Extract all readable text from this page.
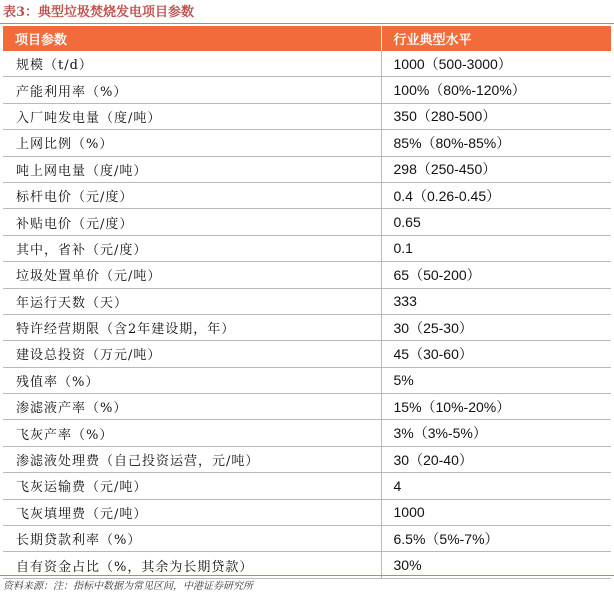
表3：典型垃圾焚烧发电项目参数
项目参数	行业典型水平
规模（t/d）	1000（500-3000）
产能利用率（%）	100%（80%-120%）
入厂吨发电量（度/吨）	350（280-500）
上网比例（%）	85%（80%-85%）
吨上网电量（度/吨）	298（250-450）
标杆电价（元/度）	0.4（0.26-0.45）
补贴电价（元/度）	0.65
其中，省补（元/度）	0.1
垃圾处置单价（元/吨）	65（50-200）
年运行天数（天）	333
特许经营期限（含2年建设期，年）	30（25-30）
建设总投资（万元/吨）	45（30-60）
残值率（%）	5%
渗滤液产率（%）	15%（10%-20%）
飞灰产率（%）	3%（3%-5%）
渗滤液处理费（自己投资运营，元/吨）	30（20-40）
飞灰运输费（元/吨）	4
飞灰填埋费（元/吨）	1000
长期贷款利率（%）	6.5%（5%-7%）
自有资金占比（%，其余为长期贷款）	30%
资料来源：注：指标中数据为常见区间，中港证券研究所
